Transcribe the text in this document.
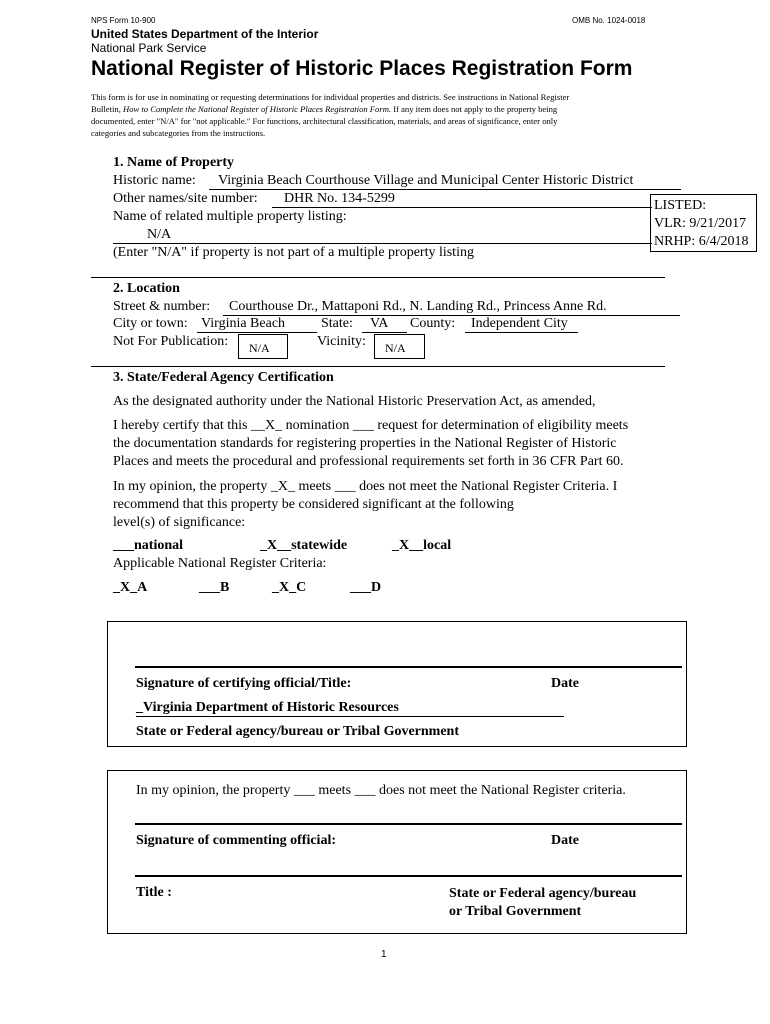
NPS Form 10-900	OMB No. 1024-0018
United States Department of the Interior
National Park Service
National Register of Historic Places Registration Form
This form is for use in nominating or requesting determinations for individual properties and districts. See instructions in National Register
Bulletin, How to Complete the National Register of Historic Places Registration Form. If any item does not apply to the property being
documented, enter "N/A" for "not applicable." For functions, architectural classification, materials, and areas of significance, enter only
categories and subcategories from the instructions.
1. Name of Property
Historic name: Virginia Beach Courthouse Village and Municipal Center Historic District
Other names/site number: DHR No. 134-5299
Name of related multiple property listing:
N/A
(Enter "N/A" if property is not part of a multiple property listing
LISTED:
VLR: 9/21/2017
NRHP: 6/4/2018
2. Location
Street & number: Courthouse Dr., Mattaponi Rd., N. Landing Rd., Princess Anne Rd.
City or town: Virginia Beach	State: VA County: Independent City
Not For Publication:	N/A	Vicinity:	N/A
3. State/Federal Agency Certification
As the designated authority under the National Historic Preservation Act, as amended,
I hereby certify that this __X_ nomination ___ request for determination of eligibility meets
the documentation standards for registering properties in the National Register of Historic
Places and meets the procedural and professional requirements set forth in 36 CFR Part 60.
In my opinion, the property _X_ meets ___ does not meet the National Register Criteria. I
recommend that this property be considered significant at the following
level(s) of significance:
___national	_X__statewide	_X__local
Applicable National Register Criteria:
_X_A	___B	_X_C	___D
Signature of certifying official/Title:	Date
_Virginia Department of Historic Resources
State or Federal agency/bureau or Tribal Government
In my opinion, the property ___ meets ___ does not meet the National Register criteria.
Signature of commenting official:	Date
Title :	State or Federal agency/bureau
or Tribal Government
1
